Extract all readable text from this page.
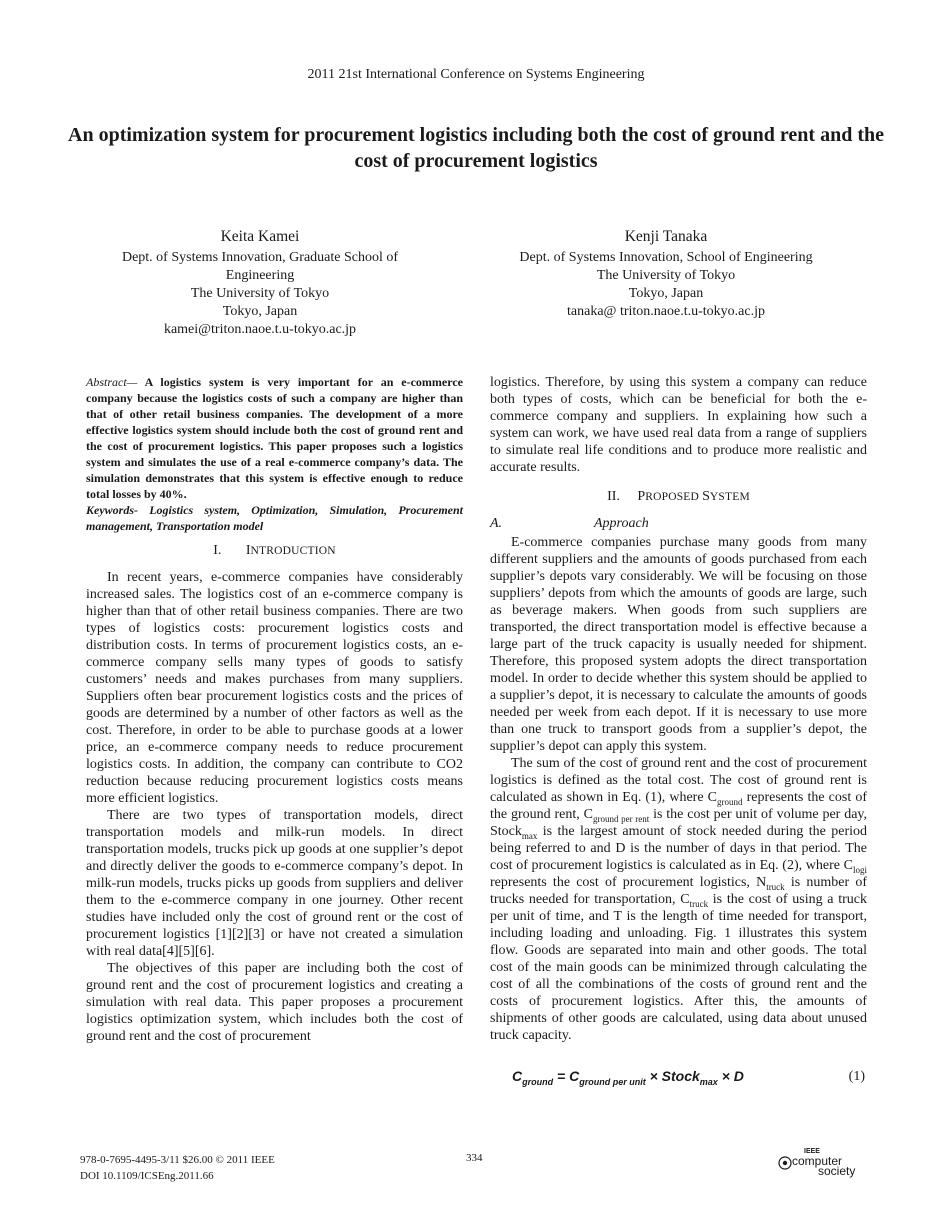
2011 21st International Conference on Systems Engineering
An optimization system for procurement logistics including both the cost of ground rent and the cost of procurement logistics
Keita Kamei
Dept. of Systems Innovation, Graduate School of
Engineering
The University of Tokyo
Tokyo, Japan
kamei@triton.naoe.t.u-tokyo.ac.jp
Kenji Tanaka
Dept. of Systems Innovation, School of Engineering
The University of Tokyo
Tokyo, Japan
tanaka@ triton.naoe.t.u-tokyo.ac.jp

Abstract— A logistics system is very important for an e-commerce company because the logistics costs of such a company are higher than that of other retail business companies. The development of a more effective logistics system should include both the cost of ground rent and the cost of procurement logistics. This paper proposes such a logistics system and simulates the use of a real e-commerce company’s data. The simulation demonstrates that this system is effective enough to reduce total losses by 40%.

Keywords- Logistics system, Optimization, Simulation, Procurement management, Transportation model

I. INTRODUCTION

In recent years, e-commerce companies have considerably increased sales. The logistics cost of an e-commerce company is higher than that of other retail business companies. There are two types of logistics costs: procurement logistics costs and distribution costs. In terms of procurement logistics costs, an e-commerce company sells many types of goods to satisfy customers’ needs and makes purchases from many suppliers. Suppliers often bear procurement logistics costs and the prices of goods are determined by a number of other factors as well as the cost. Therefore, in order to be able to purchase goods at a lower price, an e-commerce company needs to reduce procurement logistics costs. In addition, the company can contribute to CO2 reduction because reducing procurement logistics costs means more efficient logistics.

There are two types of transportation models, direct transportation models and milk-run models. In direct transportation models, trucks pick up goods at one supplier’s depot and directly deliver the goods to e-commerce company’s depot. In milk-run models, trucks picks up goods from suppliers and deliver them to the e-commerce company in one journey. Other recent studies have included only the cost of ground rent or the cost of procurement logistics [1][2][3] or have not created a simulation with real data[4][5][6].

The objectives of this paper are including both the cost of ground rent and the cost of procurement logistics and creating a simulation with real data. This paper proposes a procurement logistics optimization system, which includes both the cost of ground rent and the cost of procurement

logistics. Therefore, by using this system a company can reduce both types of costs, which can be beneficial for both the e-commerce company and suppliers. In explaining how such a system can work, we have used real data from a range of suppliers to simulate real life conditions and to produce more realistic and accurate results.

II. PROPOSED SYSTEM
A.	Approach

E-commerce companies purchase many goods from many different suppliers and the amounts of goods purchased from each supplier’s depots vary considerably. We will be focusing on those suppliers’ depots from which the amounts of goods are large, such as beverage makers. When goods from such suppliers are transported, the direct transportation model is effective because a large part of the truck capacity is usually needed for shipment. Therefore, this proposed system adopts the direct transportation model. In order to decide whether this system should be applied to a supplier’s depot, it is necessary to calculate the amounts of goods needed per week from each depot. If it is necessary to use more than one truck to transport goods from a supplier’s depot, the supplier’s depot can apply this system.

The sum of the cost of ground rent and the cost of procurement logistics is defined as the total cost. The cost of ground rent is calculated as shown in Eq. (1), where $C_{ground}$ represents the cost of the ground rent, $C_{ground per rent}$ is the cost per unit of volume per day, Stock$_{max}$ is the largest amount of stock needed during the period being referred to and D is the number of days in that period. The cost of procurement logistics is calculated as in Eq. (2), where $C_{logi}$ represents the cost of procurement logistics, $N_{truck}$ is number of trucks needed for transportation, $C_{truck}$ is the cost of using a truck per unit of time, and T is the length of time needed for transport, including loading and unloading. Fig. 1 illustrates this system flow. Goods are separated into main and other goods. The total cost of the main goods can be minimized through calculating the cost of all the combinations of the costs of ground rent and the costs of procurement logistics. After this, the amounts of shipments of other goods are calculated, using data about unused truck capacity.

$C_{ground} = C_{ground per unit}$ × Stock$_{max}$ × D	(1)
978-0-7695-4495-3/11 $26.00 © 2011 IEEE
DOI 10.1109/ICSEng.2011.66
334
IEEE
computer
society
